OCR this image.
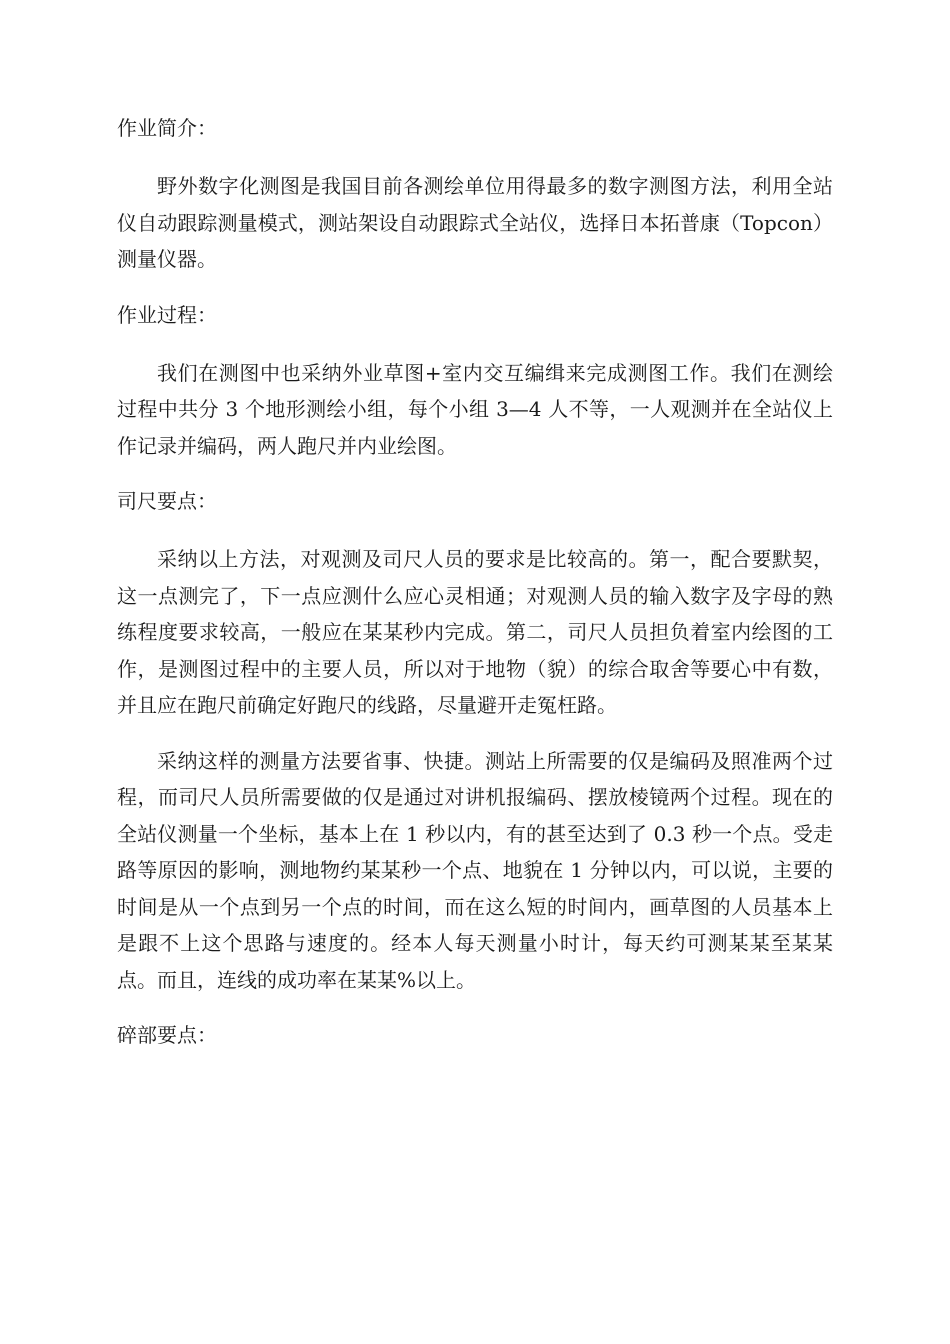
作业简介：

野外数字化测图是我国目前各测绘单位用得最多的数字测图方法，利用全站仪自动跟踪测量模式，测站架设自动跟踪式全站仪，选择日本拓普康（Topcon）测量仪器。

作业过程：

我们在测图中也采纳外业草图+室内交互编缉来完成测图工作。我们在测绘过程中共分 3 个地形测绘小组，每个小组 3—4 人不等，一人观测并在全站仪上作记录并编码，两人跑尺并内业绘图。

司尺要点：

采纳以上方法，对观测及司尺人员的要求是比较高的。第一，配合要默契，这一点测完了，下一点应测什么应心灵相通；对观测人员的输入数字及字母的熟练程度要求较高，一般应在某某秒内完成。第二，司尺人员担负着室内绘图的工作，是测图过程中的主要人员，所以对于地物（貌）的综合取舍等要心中有数，并且应在跑尺前确定好跑尺的线路，尽量避开走冤枉路。

采纳这样的测量方法要省事、快捷。测站上所需要的仅是编码及照准两个过程，而司尺人员所需要做的仅是通过对讲机报编码、摆放棱镜两个过程。现在的全站仪测量一个坐标，基本上在 1 秒以内，有的甚至达到了 0.3 秒一个点。受走路等原因的影响，测地物约某某秒一个点、地貌在 1 分钟以内，可以说，主要的时间是从一个点到另一个点的时间，而在这么短的时间内，画草图的人员基本上是跟不上这个思路与速度的。经本人每天测量小时计，每天约可测某某至某某点。而且，连线的成功率在某某%以上。

碎部要点：
